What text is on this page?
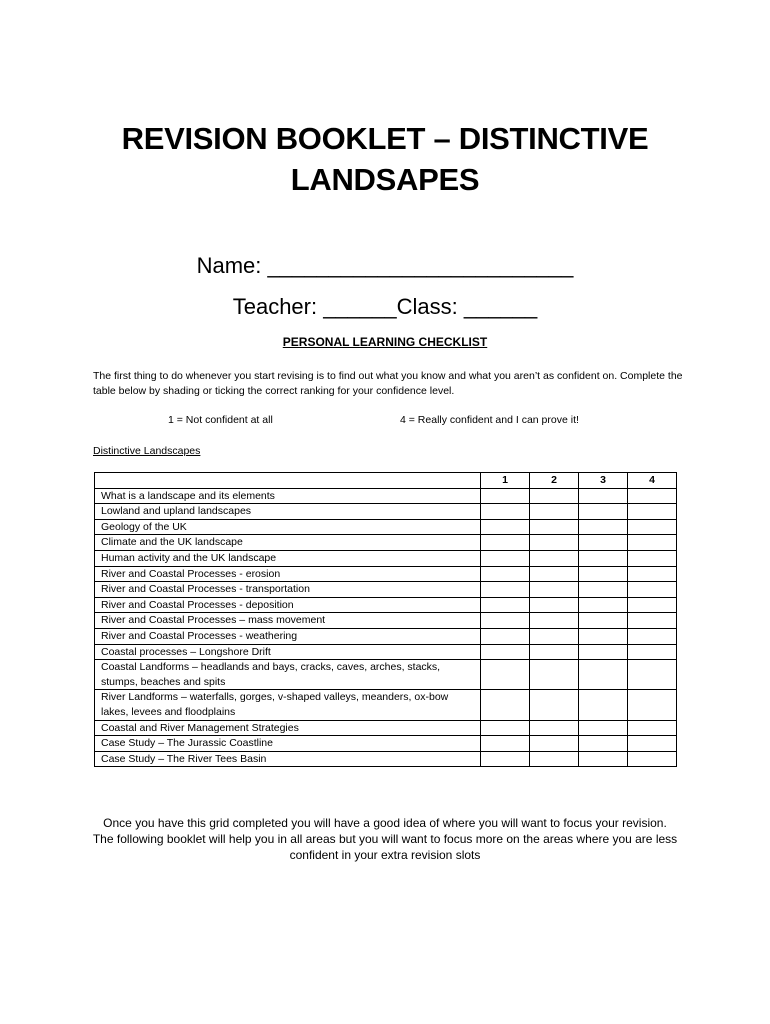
REVISION BOOKLET – DISTINCTIVE LANDSAPES
Name: _________________________
Teacher: ______Class: ______
PERSONAL LEARNING CHECKLIST
The first thing to do whenever you start revising is to find out what you know and what you aren’t as confident on. Complete the table below by shading or ticking the correct ranking for your confidence level.
1 = Not confident at all	4 = Really confident and I can prove it!
Distinctive Landscapes
	1	2	3	4
What is a landscape and its elements				
Lowland and upland landscapes				
Geology of the UK				
Climate and the UK landscape				
Human activity and the UK landscape				
River and Coastal Processes - erosion				
River and Coastal Processes - transportation				
River and Coastal Processes - deposition				
River and Coastal Processes – mass movement				
River and Coastal Processes - weathering				
Coastal processes – Longshore Drift				
Coastal Landforms – headlands and bays, cracks, caves, arches, stacks, stumps, beaches and spits				
River Landforms – waterfalls, gorges, v-shaped valleys, meanders, ox-bow lakes, levees and floodplains				
Coastal and River Management Strategies				
Case Study – The Jurassic Coastline				
Case Study – The River Tees Basin				
Once you have this grid completed you will have a good idea of where you will want to focus your revision.
The following booklet will help you in all areas but you will want to focus more on the areas where you are less confident in your extra revision slots
